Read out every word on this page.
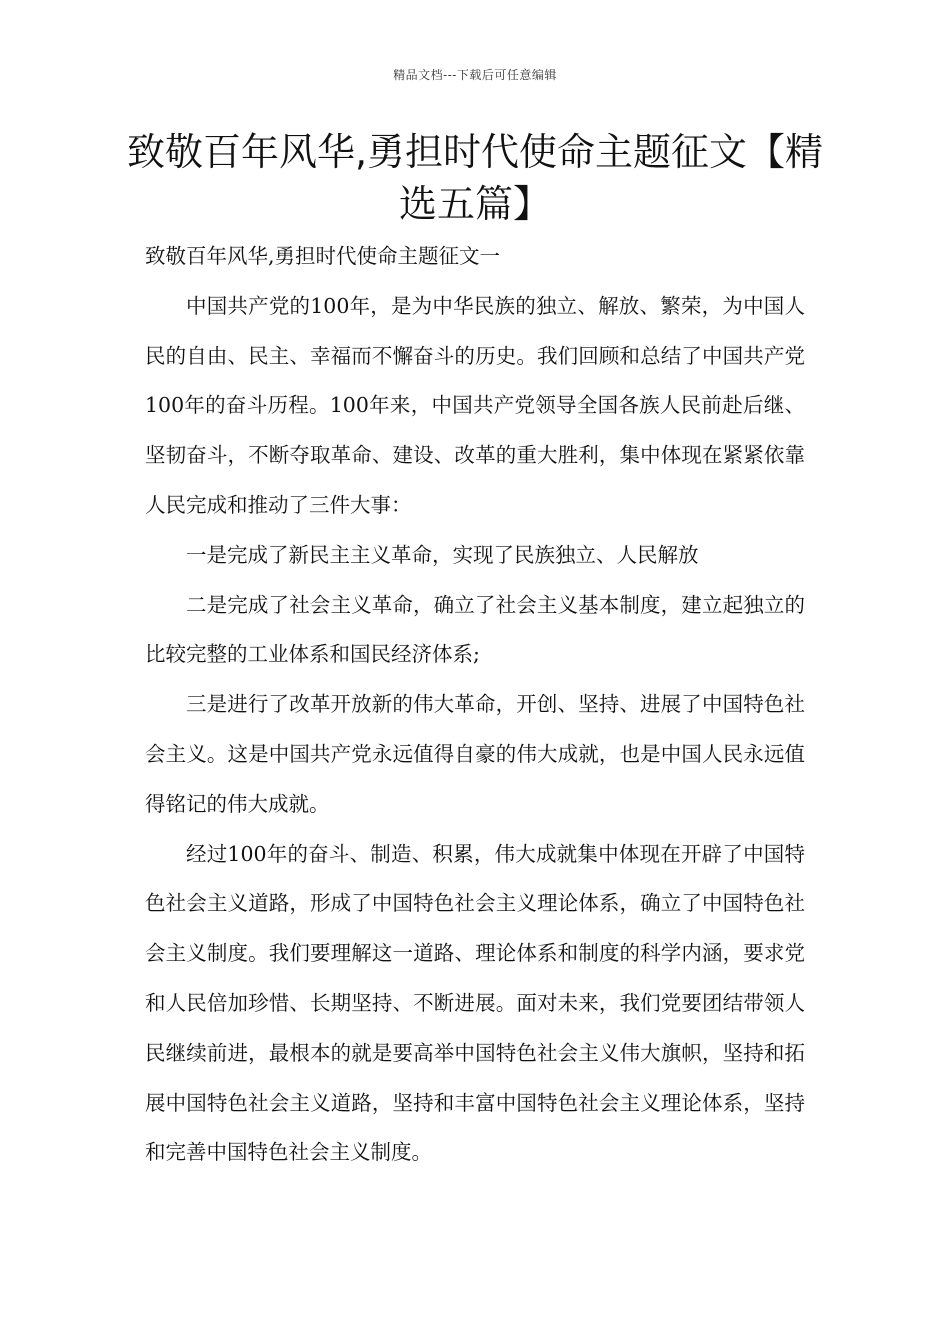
精品文档---下载后可任意编辑
致敬百年风华,勇担时代使命主题征文【精选五篇】

致敬百年风华,勇担时代使命主题征文一

中国共产党的100年，是为中华民族的独立、解放、繁荣，为中国人民的自由、民主、幸福而不懈奋斗的历史。我们回顾和总结了中国共产党100年的奋斗历程。100年来，中国共产党领导全国各族人民前赴后继、坚韧奋斗，不断夺取革命、建设、改革的重大胜利，集中体现在紧紧依靠人民完成和推动了三件大事：

一是完成了新民主主义革命，实现了民族独立、人民解放

二是完成了社会主义革命，确立了社会主义基本制度，建立起独立的比较完整的工业体系和国民经济体系;

三是进行了改革开放新的伟大革命，开创、坚持、进展了中国特色社会主义。这是中国共产党永远值得自豪的伟大成就，也是中国人民永远值得铭记的伟大成就。

经过100年的奋斗、制造、积累，伟大成就集中体现在开辟了中国特色社会主义道路，形成了中国特色社会主义理论体系，确立了中国特色社会主义制度。我们要理解这一道路、理论体系和制度的科学内涵，要求党和人民倍加珍惜、长期坚持、不断进展。面对未来，我们党要团结带领人民继续前进，最根本的就是要高举中国特色社会主义伟大旗帜，坚持和拓展中国特色社会主义道路，坚持和丰富中国特色社会主义理论体系，坚持和完善中国特色社会主义制度。
